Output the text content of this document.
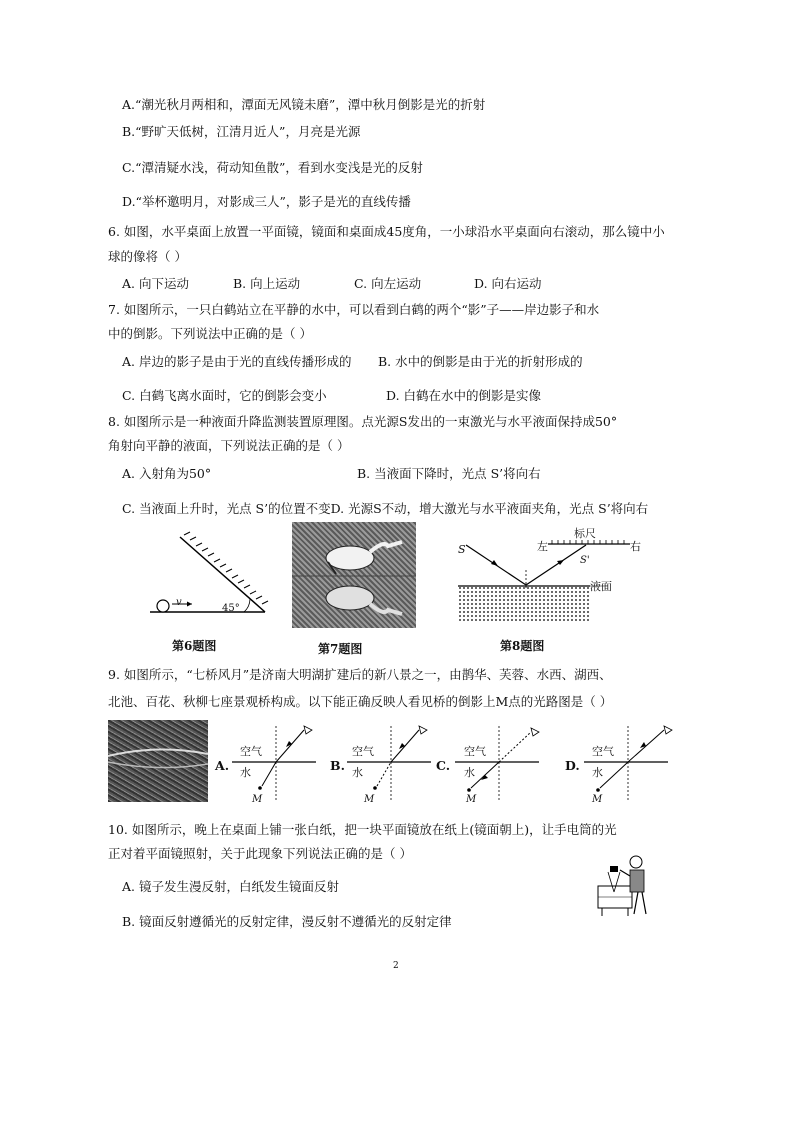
A.“潮光秋月两相和，潭面无风镜未磨”，潭中秋月倒影是光的折射
B.“野旷天低树，江清月近人”，月亮是光源
C.“潭清疑水浅，荷动知鱼散”，看到水变浅是光的反射
D.“举杯邀明月，对影成三人”，影子是光的直线传播
6. 如图，水平桌面上放置一平面镜，镜面和桌面成45度角，一小球沿水平桌面向右滚动，那么镜中小
球的像将（ ）
A. 向下运动	B. 向上运动	C. 向左运动	D. 向右运动
7. 如图所示，一只白鹤站立在平静的水中，可以看到白鹤的两个“影”子——岸边影子和水
中的倒影。下列说法中正确的是（ ）
A. 岸边的影子是由于光的直线传播形成的 B. 水中的倒影是由于光的折射形成的
C. 白鹤飞离水面时，它的倒影会变小	D. 白鹤在水中的倒影是实像
8. 如图所示是一种液面升降监测装置原理图。点光源S发出的一束激光与水平液面保持成50°
角射向平静的液面，下列说法正确的是（ ）
A. 入射角为50°	B. 当液面下降时，光点 S’将向右
C. 当液面上升时，光点 S’的位置不变D. 光源S不动，增大激光与水平液面夹角，光点 S’将向右
v
45°
第6题图	第7题图
S
S'
标尺
左	右
液面
第8题图
9. 如图所示，“七桥风月”是济南大明湖扩建后的新八景之一，由鹊华、芙蓉、水西、湖西、
北池、百花、秋柳七座景观桥构成。以下能正确反映人看见桥的倒影上M点的光路图是（ ）
A.
空气
水
M
B.
空气
水
M
C.
空气
水
M
D.
空气
水
M
10. 如图所示，晚上在桌面上铺一张白纸，把一块平面镜放在纸上(镜面朝上)，让手电筒的光
正对着平面镜照射，关于此现象下列说法正确的是（ ）
A. 镜子发生漫反射，白纸发生镜面反射
B. 镜面反射遵循光的反射定律，漫反射不遵循光的反射定律
2
